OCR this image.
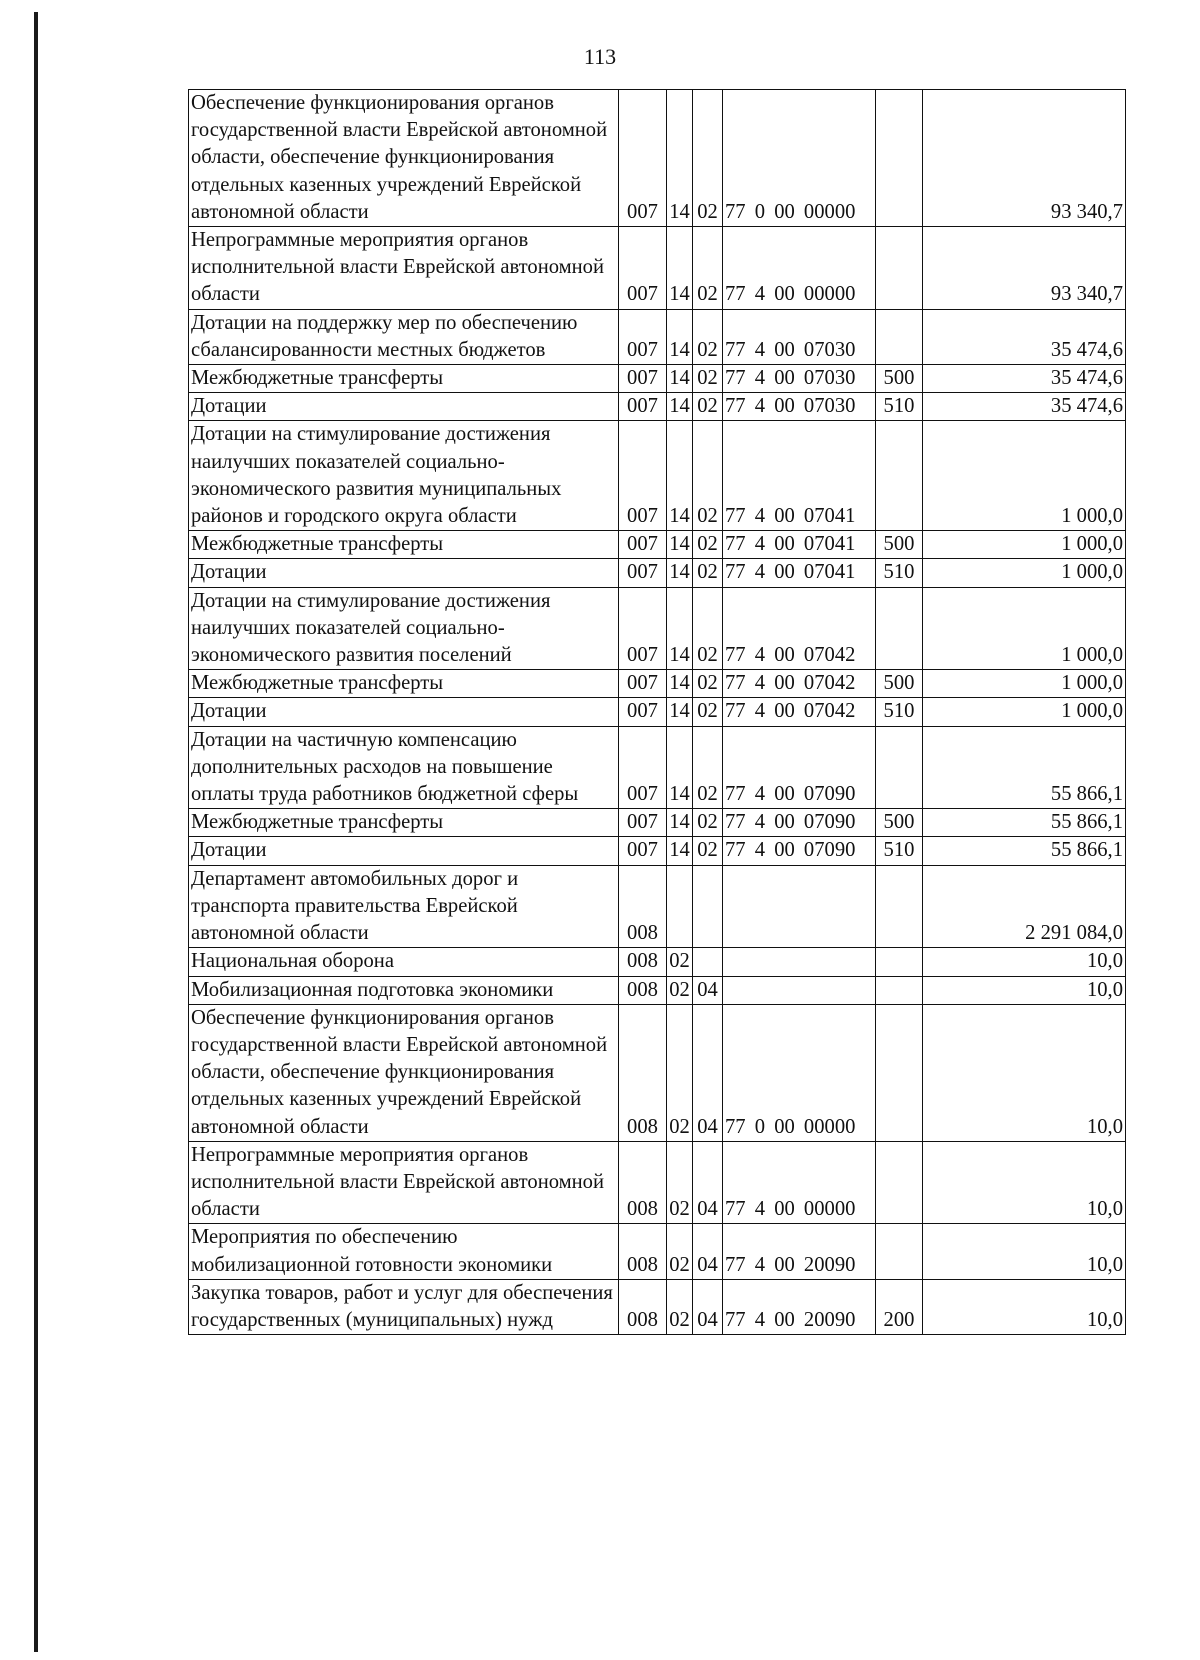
113
Обеспечение функционирования органов государственной власти Еврейской автономной области, обеспечение функционирования отдельных казенных учреждений Еврейской автономной области	007	14	02	77 0 00 00000		93 340,7
Непрограммные мероприятия органов исполнительной власти Еврейской автономной области	007	14	02	77 4 00 00000		93 340,7
Дотации на поддержку мер по обеспечению сбалансированности местных бюджетов	007	14	02	77 4 00 07030		35 474,6
Межбюджетные трансферты	007	14	02	77 4 00 07030	500	35 474,6
Дотации	007	14	02	77 4 00 07030	510	35 474,6
Дотации на стимулирование достижения наилучших показателей социально-экономического развития муниципальных районов и городского округа области	007	14	02	77 4 00 07041		1 000,0
Межбюджетные трансферты	007	14	02	77 4 00 07041	500	1 000,0
Дотации	007	14	02	77 4 00 07041	510	1 000,0
Дотации на стимулирование достижения наилучших показателей социально-экономического развития поселений	007	14	02	77 4 00 07042		1 000,0
Межбюджетные трансферты	007	14	02	77 4 00 07042	500	1 000,0
Дотации	007	14	02	77 4 00 07042	510	1 000,0
Дотации на частичную компенсацию дополнительных расходов на повышение оплаты труда работников бюджетной сферы	007	14	02	77 4 00 07090		55 866,1
Межбюджетные трансферты	007	14	02	77 4 00 07090	500	55 866,1
Дотации	007	14	02	77 4 00 07090	510	55 866,1
Департамент автомобильных дорог и транспорта правительства Еврейской автономной области	008					2 291 084,0
Национальная оборона	008	02				10,0
Мобилизационная подготовка экономики	008	02	04			10,0
Обеспечение функционирования органов государственной власти Еврейской автономной области, обеспечение функционирования отдельных казенных учреждений Еврейской автономной области	008	02	04	77 0 00 00000		10,0
Непрограммные мероприятия органов исполнительной власти Еврейской автономной области	008	02	04	77 4 00 00000		10,0
Мероприятия по обеспечению мобилизационной готовности экономики	008	02	04	77 4 00 20090		10,0
Закупка товаров, работ и услуг для обеспечения государственных (муниципальных) нужд	008	02	04	77 4 00 20090	200	10,0
